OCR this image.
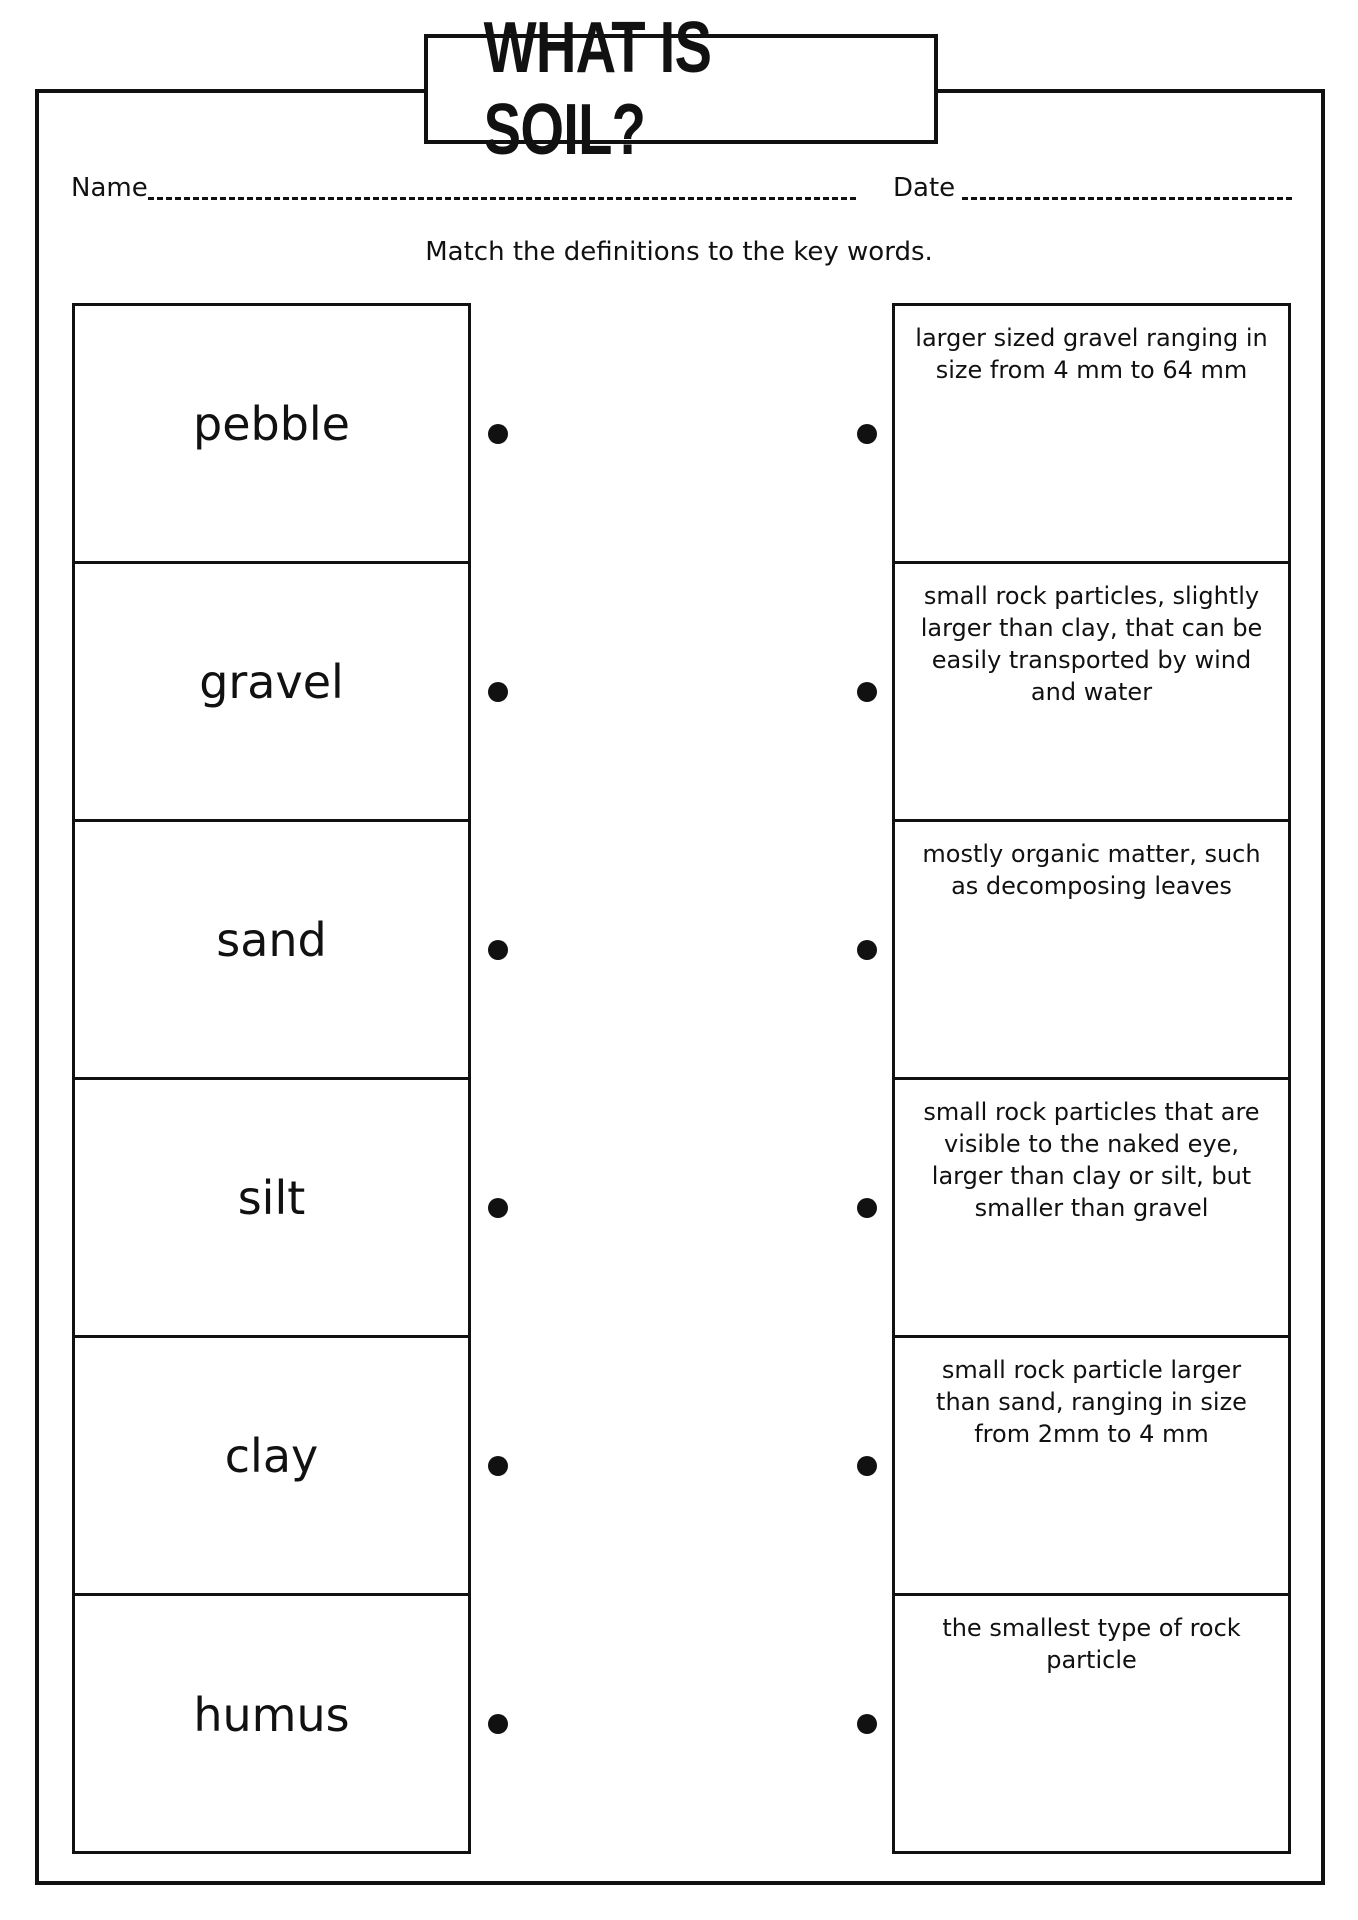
WHAT IS SOIL?
Name	Date
Match the definitions to the key words.
pebble
gravel
sand
silt
clay
humus
larger sized gravel ranging in size from 4 mm to 64 mm
small rock particles, slightly larger than clay, that can be easily transported by wind and water
mostly organic matter, such as decomposing leaves
small rock particles that are visible to the naked eye, larger than clay or silt, but smaller than gravel
small rock particle larger than sand, ranging in size from 2mm to 4 mm
the smallest type of rock particle
